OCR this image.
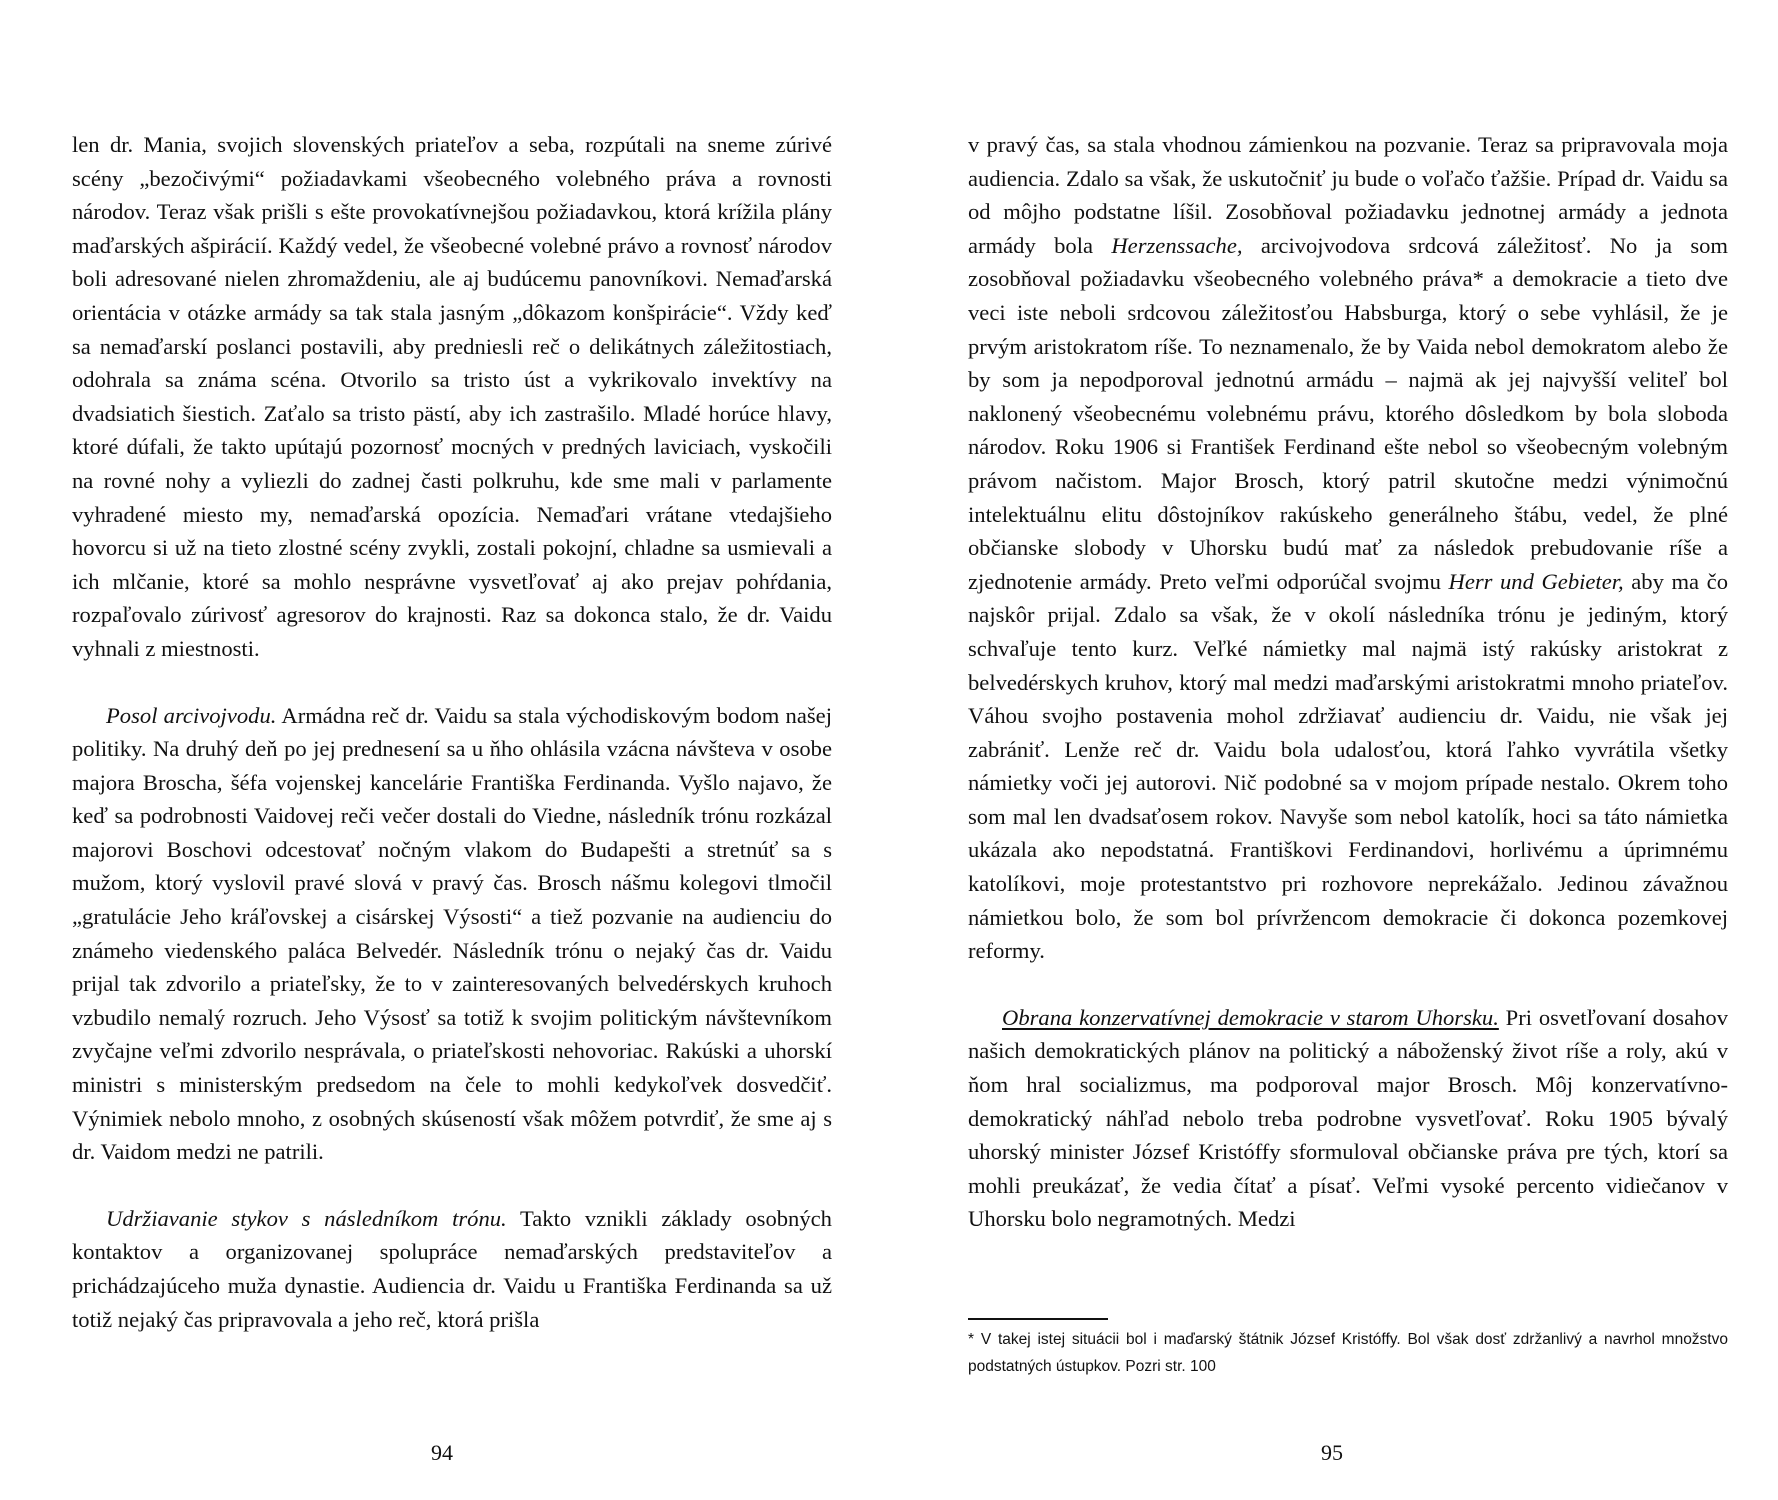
len dr. Mania, svojich slovenských priateľov a seba, rozpútali na sneme zúrivé scény „bezočivými“ požiadavkami všeobecného volebného práva a rovnosti národov. Teraz však prišli s ešte provokatívnejšou požiadavkou, ktorá krížila plány maďarských ašpirácií. Každý vedel, že všeobecné volebné právo a rovnosť národov boli adresované nielen zhromaždeniu, ale aj budúcemu panovníkovi. Nemaďarská orientácia v otázke armády sa tak stala jasným „dôkazom konšpirácie“. Vždy keď sa nemaďarskí poslanci postavili, aby predniesli reč o delikátnych záležitostiach, odohrala sa známa scéna. Otvorilo sa tristo úst a vykrikovalo invektívy na dvadsiatich šiestich. Zaťalo sa tristo pästí, aby ich zastrašilo. Mladé horúce hlavy, ktoré dúfali, že takto upútajú pozornosť mocných v predných laviciach, vyskočili na rovné nohy a vyliezli do zadnej časti polkruhu, kde sme mali v parlamente vyhradené miesto my, nemaďarská opozícia. Nemaďari vrátane vtedajšieho hovorcu si už na tieto zlostné scény zvykli, zostali pokojní, chladne sa usmievali a ich mlčanie, ktoré sa mohlo nesprávne vysvetľovať aj ako prejav pohŕdania, rozpaľovalo zúrivosť agresorov do krajnosti. Raz sa dokonca stalo, že dr. Vaidu vyhnali z miestnosti.

Posol arcivojvodu. Armádna reč dr. Vaidu sa stala východiskovým bodom našej politiky. Na druhý deň po jej prednesení sa u ňho ohlásila vzácna návšteva v osobe majora Broscha, šéfa vojenskej kancelárie Františka Ferdinanda. Vyšlo najavo, že keď sa podrobnosti Vaidovej reči večer dostali do Viedne, následník trónu rozkázal majorovi Boschovi odcestovať nočným vlakom do Budapešti a stretnúť sa s mužom, ktorý vyslovil pravé slová v pravý čas. Brosch nášmu kolegovi tlmočil „gratulácie Jeho kráľovskej a cisárskej Výsosti“ a tiež pozvanie na audienciu do známeho viedenského paláca Belvedér. Následník trónu o nejaký čas dr. Vaidu prijal tak zdvorilo a priateľsky, že to v zainteresovaných belvedérskych kruhoch vzbudilo nemalý rozruch. Jeho Výsosť sa totiž k svojim politickým návštevníkom zvyčajne veľmi zdvorilo nesprávala, o priateľskosti nehovoriac. Rakúski a uhorskí ministri s ministerským predsedom na čele to mohli kedykoľvek dosvedčiť. Výnimiek nebolo mnoho, z osobných skúseností však môžem potvrdiť, že sme aj s dr. Vaidom medzi ne patrili.

Udržiavanie stykov s následníkom trónu. Takto vznikli základy osobných kontaktov a organizovanej spolupráce nemaďarských predstaviteľov a prichádzajúceho muža dynastie. Audiencia dr. Vaidu u Františka Ferdinanda sa už totiž nejaký čas pripravovala a jeho reč, ktorá prišla

v pravý čas, sa stala vhodnou zámienkou na pozvanie. Teraz sa pripravovala moja audiencia. Zdalo sa však, že uskutočniť ju bude o voľačo ťažšie. Prípad dr. Vaidu sa od môjho podstatne líšil. Zosobňoval požiadavku jednotnej armády a jednota armády bola Herzenssache, arcivojvodova srdcová záležitosť. No ja som zosobňoval požiadavku všeobecného volebného práva* a demokracie a tieto dve veci iste neboli srdcovou záležitosťou Habsburga, ktorý o sebe vyhlásil, že je prvým aristokratom ríše. To neznamenalo, že by Vaida nebol demokratom alebo že by som ja nepodporoval jednotnú armádu – najmä ak jej najvyšší veliteľ bol naklonený všeobecnému volebnému právu, ktorého dôsledkom by bola sloboda národov. Roku 1906 si František Ferdinand ešte nebol so všeobecným volebným právom načistom. Major Brosch, ktorý patril skutočne medzi výnimočnú intelektuálnu elitu dôstojníkov rakúskeho generálneho štábu, vedel, že plné občianske slobody v Uhorsku budú mať za následok prebudovanie ríše a zjednotenie armády. Preto veľmi odporúčal svojmu Herr und Gebieter, aby ma čo najskôr prijal. Zdalo sa však, že v okolí následníka trónu je jediným, ktorý schvaľuje tento kurz. Veľké námietky mal najmä istý rakúsky aristokrat z belvedérskych kruhov, ktorý mal medzi maďarskými aristokratmi mnoho priateľov. Váhou svojho postavenia mohol zdržiavať audienciu dr. Vaidu, nie však jej zabrániť. Lenže reč dr. Vaidu bola udalosťou, ktorá ľahko vyvrátila všetky námietky voči jej autorovi. Nič podobné sa v mojom prípade nestalo. Okrem toho som mal len dvadsaťosem rokov. Navyše som nebol katolík, hoci sa táto námietka ukázala ako nepodstatná. Františkovi Ferdinandovi, horlivému a úprimnému katolíkovi, moje protestantstvo pri rozhovore neprekážalo. Jedinou závažnou námietkou bolo, že som bol prívržencom demokracie či dokonca pozemkovej reformy.

Obrana konzervatívnej demokracie v starom Uhorsku. Pri osvetľovaní dosahov našich demokratických plánov na politický a náboženský život ríše a roly, akú v ňom hral socializmus, ma podporoval major Brosch. Môj konzervatívno-demokratický náhľad nebolo treba podrobne vysvetľovať. Roku 1905 bývalý uhorský minister József Kristóffy sformuloval občianske práva pre tých, ktorí sa mohli preukázať, že vedia čítať a písať. Veľmi vysoké percento vidiečanov v Uhorsku bolo negramotných. Medzi

* V takej istej situácii bol i maďarský štátnik József Kristóffy. Bol však dosť zdržanlivý a navrhol množstvo podstatných ústupkov. Pozri str. 100
94	95
